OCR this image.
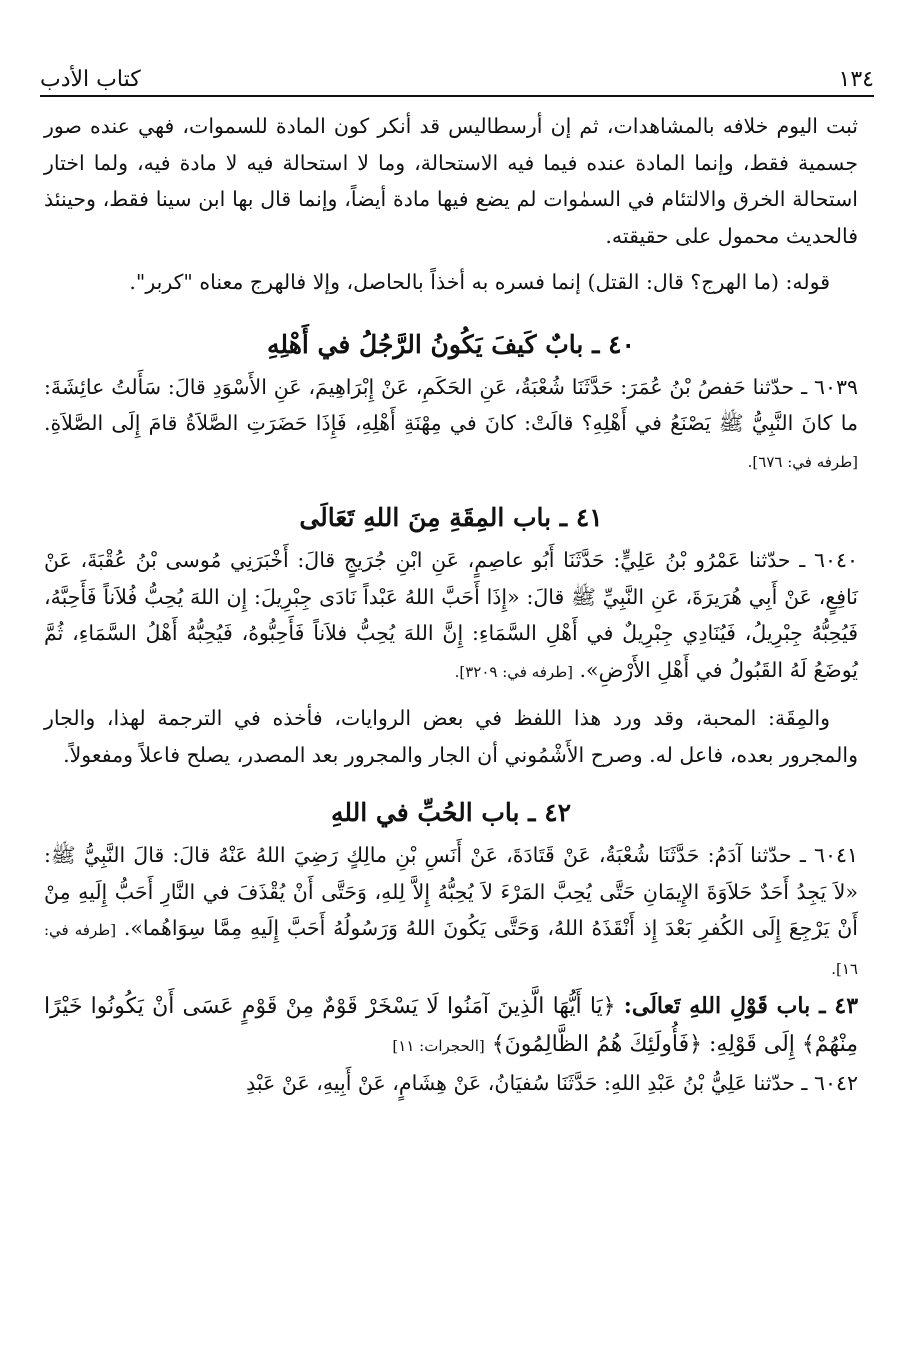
١٣٤
كتاب الأدب

ثبت اليوم خلافه بالمشاهدات، ثم إن أرسطاليس قد أنكر كون المادة للسموات، فهي عنده صور جسمية فقط، وإنما المادة عنده فيما فيه الاستحالة، وما لا استحالة فيه لا مادة فيه، ولما اختار استحالة الخرق والالتئام في السمٰوات لم يضع فيها مادة أيضاً، وإنما قال بها ابن سينا فقط، وحينئذ فالحديث محمول على حقيقته.

قوله: (ما الهرج؟ قال: القتل) إنما فسره به أخذاً بالحاصل، وإلا فالهرج معناه "كربر".

٤٠ ـ بابٌ كَيفَ يَكُونُ الرَّجُلُ في أَهْلِهِ

٦٠٣٩ ـ حدّثنا حَفصُ بْنُ عُمَرَ: حَدَّثَنَا شُعْبَةُ، عَنِ الحَكَمِ، عَنْ إِبْرَاهِيمَ، عَنِ الأَسْوَدِ قالَ: سَأَلتُ عائِشَةَ: ما كانَ النَّبِيُّ ﷺ يَصْنَعُ في أَهْلِهِ؟ قالَتْ: كانَ في مِهْنَةِ أَهْلِهِ، فَإِذَا حَضَرَتِ الصَّلاَةُ قامَ إِلَى الصَّلاَةِ. [طرفه في: ٦٧٦].

٤١ ـ باب المِقَةِ مِنَ اللهِ تَعَالَى

٦٠٤٠ ـ حدّثنا عَمْرُو بْنُ عَلِيٍّ: حَدَّثَنَا أَبُو عاصِمٍ، عَنِ ابْنِ جُرَيجٍ قالَ: أَخْبَرَنِي مُوسى بْنُ عُقْبَةَ، عَنْ نَافِعٍ، عَنْ أَبِي هُرَيرَةَ، عَنِ النَّبِيِّ ﷺ قالَ: «إِذَا أَحَبَّ اللهُ عَبْداً نَادَى جِبْرِيلَ: إِن اللهَ يُحِبُّ فُلاَناً فَأَحِبَّهُ، فَيُحِبُّهُ جِبْرِيلُ، فَيُنَادِي جِبْرِيلٌ في أَهْلِ السَّمَاءِ: إِنَّ اللهَ يُحِبُّ فلاَناً فَأَحِبُّوهُ، فَيُحِبُّهُ أَهْلُ السَّمَاءِ، ثُمَّ يُوضَعُ لَهُ القَبُولُ في أَهْلِ الأَرْضِ». [طرفه في: ٣٢٠٩].

والمِقَة: المحبة، وقد ورد هذا اللفظ في بعض الروايات، فأخذه في الترجمة لهذا، والجار والمجرور بعده، فاعل له. وصرح الأَشْمُوني أن الجار والمجرور بعد المصدر، يصلح فاعلاً ومفعولاً.

٤٢ ـ باب الحُبِّ في اللهِ

٦٠٤١ ـ حدّثنا آدَمُ: حَدَّثَنَا شُعْبَةُ، عَنْ قَتَادَةَ، عَنْ أَنَسِ بْنِ مالِكٍ رَضِيَ اللهُ عَنْهُ قالَ: قالَ النَّبِيُّ ﷺ: «لاَ يَجِدُ أَحَدٌ حَلاَوَةَ الإِيمَانِ حَتَّى يُحِبَّ المَرْءَ لاَ يُحِبُّهُ إِلاَّ لِلهِ، وَحَتَّى أَنْ يُقْذَفَ في النَّارِ أَحَبُّ إِلَيهِ مِنْ أَنْ يَرْجِعَ إِلَى الكُفرِ بَعْدَ إِذ أَنْقَذَهُ اللهُ، وَحَتَّى يَكُونَ اللهُ وَرَسُولُهُ أَحَبَّ إِلَيهِ مِمَّا سِوَاهُما». [طرفه في: ١٦].

٤٣ ـ باب قَوْلِ اللهِ تَعالَى: ﴿يَا أَيُّهَا الَّذِينَ آمَنُوا لَا يَسْخَرْ قَوْمٌ مِنْ قَوْمٍ عَسَى أَنْ يَكُونُوا خَيْرًا مِنْهُمْ﴾ إِلَى قَوْلِهِ: ﴿فَأُولَئِكَ هُمُ الظَّالِمُونَ﴾ [الحجرات: ١١]

٦٠٤٢ ـ حدّثنا عَلِيُّ بْنُ عَبْدِ اللهِ: حَدَّثَنَا سُفيَانُ، عَنْ هِشَامٍ، عَنْ أَبِيهِ، عَنْ عَبْدِ
